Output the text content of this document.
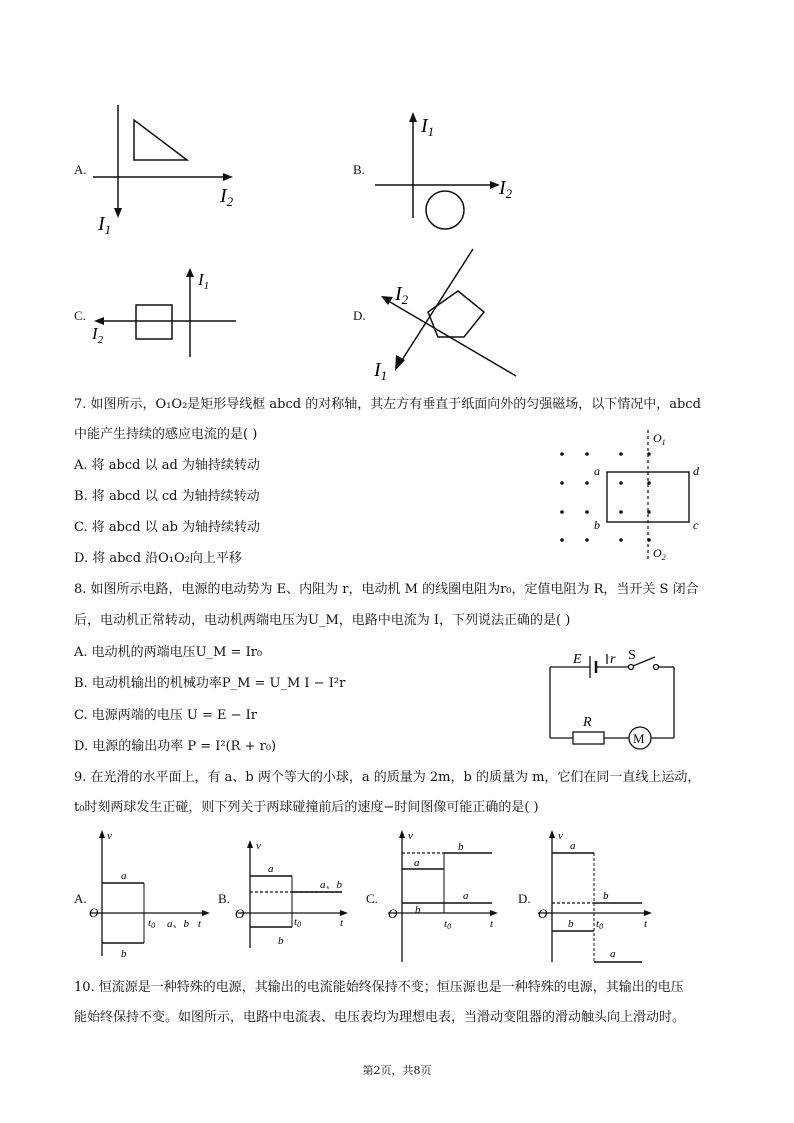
A.
$I_2$
$I_1$
B.
$I_1$
$I_2$
C.
$I_1$
$I_2$
D.
$I_2$
$I_1$
7. 如图所示，O₁O₂是矩形导线框 abcd 的对称轴，其左方有垂直于纸面向外的匀强磁场，以下情况中，abcd
中能产生持续的感应电流的是( )
A. 将 abcd 以 ad 为轴持续转动
B. 将 abcd 以 cd 为轴持续转动
C. 将 abcd 以 ab 为轴持续转动
D. 将 abcd 沿O₁O₂向上平移
a	d
b	c
$O_1$
$O_2$
8. 如图所示电路，电源的电动势为 E、内阻为 r，电动机 M 的线圈电阻为r₀，定值电阻为 R，当开关 S 闭合
后，电动机正常转动，电动机两端电压为U_M，电路中电流为 I，下列说法正确的是( )
A. 电动机的两端电压U_M = Ir₀
B. 电动机输出的机械功率P_M = U_M I − I²r
C. 电源两端的电压 U = E − Ir
D. 电源的输出功率 P = I²(R + r₀)
E r S
R
M
9. 在光滑的水平面上，有 a、b 两个等大的小球，a 的质量为 2m，b 的质量为 m，它们在同一直线上运动，
t₀时刻两球发生正碰，则下列关于两球碰撞前后的速度−时间图像可能正确的是( )
A.
v
O
a
b
t0 a、b t
B.
v
O
a
a、b
b
t0	t
C.
v
O
a
b
b
a
t0	t
D.
v
O
a
b
b
a
t0	t
10. 恒流源是一种特殊的电源，其输出的电流能始终保持不变；恒压源也是一种特殊的电源，其输出的电压
能始终保持不变。如图所示，电路中电流表、电压表均为理想电表，当滑动变阻器的滑动触头向上滑动时。
第2页，共8页
